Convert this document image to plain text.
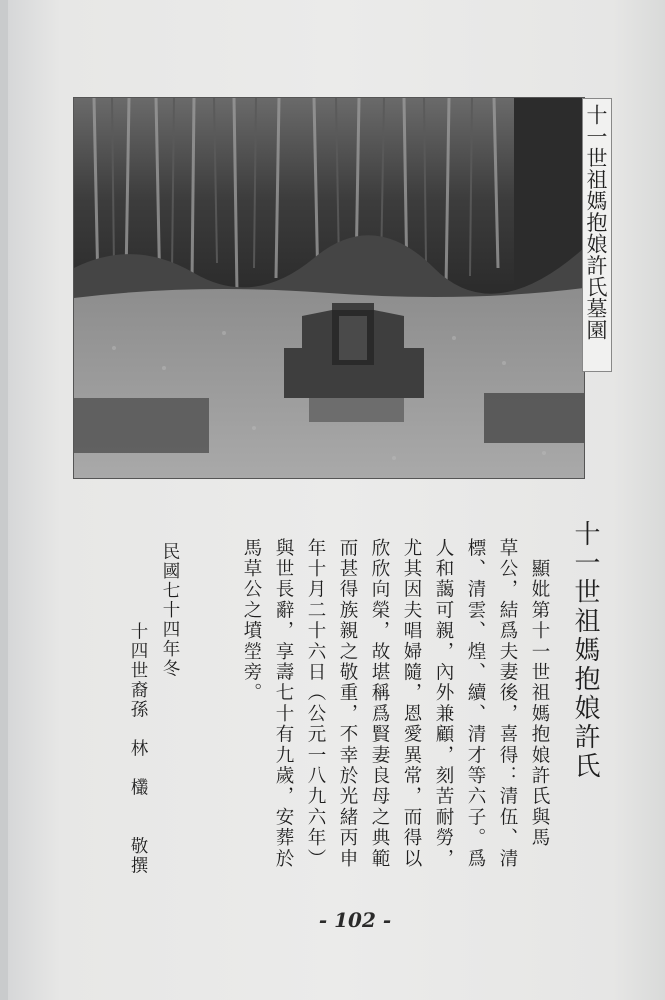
十一世祖媽抱娘許氏墓園
十一世祖媽抱娘許氏
　顯妣第十一世祖媽抱娘許氏與馬
草公，結爲夫妻後，喜得：清伍、清
標、清雲、煌、續、清才等六子。爲
人和藹可親，內外兼顧，刻苦耐勞，
尤其因夫唱婦隨，恩愛異常，而得以
欣欣向榮，故堪稱爲賢妻良母之典範
而甚得族親之敬重，不幸於光緒丙申
年十月二十六日（公元一八九六年）
與世長辭，享壽七十有九歲，安葬於
馬草公之墳塋旁。
民國七十四年冬
十四世裔孫　林　欉　　敬撰
- 102 -
